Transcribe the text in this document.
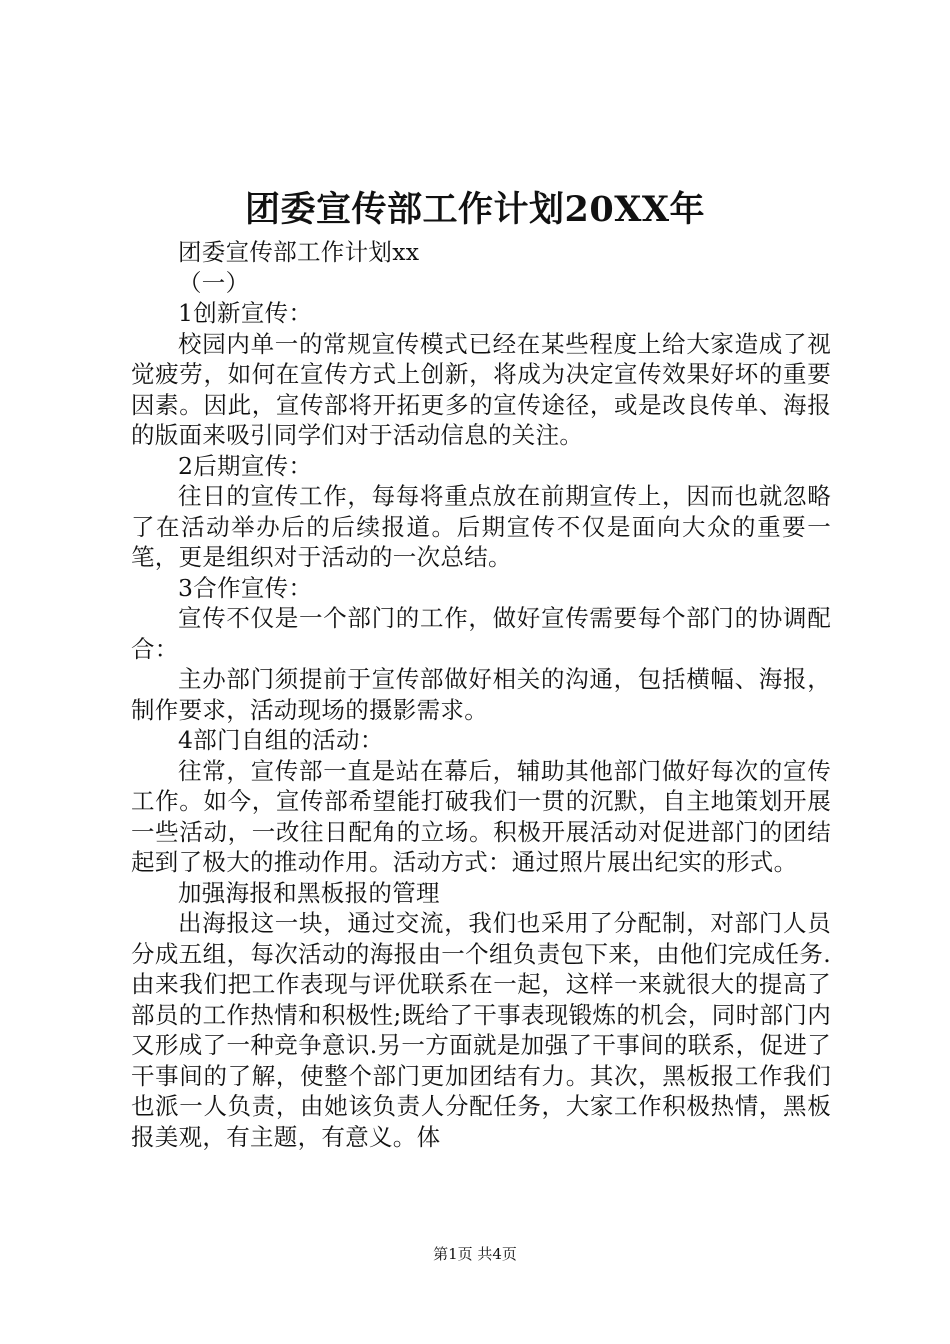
团委宣传部工作计划20XX年

团委宣传部工作计划xx

（一）

1创新宣传：

校园内单一的常规宣传模式已经在某些程度上给大家造成了视觉疲劳，如何在宣传方式上创新，将成为决定宣传效果好坏的重要因素。因此，宣传部将开拓更多的宣传途径，或是改良传单、海报的版面来吸引同学们对于活动信息的关注。

2后期宣传：

往日的宣传工作，每每将重点放在前期宣传上，因而也就忽略了在活动举办后的后续报道。后期宣传不仅是面向大众的重要一笔，更是组织对于活动的一次总结。

3合作宣传：

宣传不仅是一个部门的工作，做好宣传需要每个部门的协调配合：

主办部门须提前于宣传部做好相关的沟通，包括横幅、海报，制作要求，活动现场的摄影需求。

4部门自组的活动：

往常，宣传部一直是站在幕后，辅助其他部门做好每次的宣传工作。如今，宣传部希望能打破我们一贯的沉默，自主地策划开展一些活动，一改往日配角的立场。积极开展活动对促进部门的团结起到了极大的推动作用。活动方式：通过照片展出纪实的形式。

加强海报和黑板报的管理

出海报这一块，通过交流，我们也采用了分配制，对部门人员分成五组，每次活动的海报由一个组负责包下来，由他们完成任务.由来我们把工作表现与评优联系在一起，这样一来就很大的提高了部员的工作热情和积极性;既给了干事表现锻炼的机会，同时部门内又形成了一种竞争意识.另一方面就是加强了干事间的联系，促进了干事间的了解，使整个部门更加团结有力。其次，黑板报工作我们也派一人负责，由她该负责人分配任务，大家工作积极热情，黑板报美观，有主题，有意义。体

第1页 共4页
